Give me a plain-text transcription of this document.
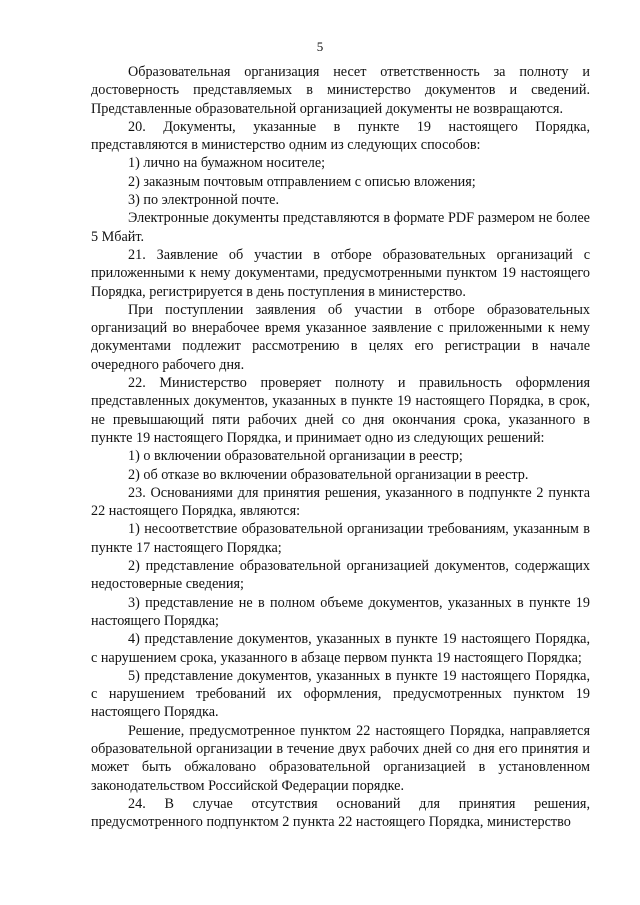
5

Образовательная организация несет ответственность за полноту и достоверность представляемых в министерство документов и сведений. Представленные образовательной организацией документы не возвращаются.

20. Документы, указанные в пункте 19 настоящего Порядка, представляются в министерство одним из следующих способов:

1) лично на бумажном носителе;

2) заказным почтовым отправлением с описью вложения;

3) по электронной почте.

Электронные документы представляются в формате PDF размером не более 5 Мбайт.

21. Заявление об участии в отборе образовательных организаций с приложенными к нему документами, предусмотренными пунктом 19 настоящего Порядка, регистрируется в день поступления в министерство.

При поступлении заявления об участии в отборе образовательных организаций во внерабочее время указанное заявление с приложенными к нему документами подлежит рассмотрению в целях его регистрации в начале очередного рабочего дня.

22. Министерство проверяет полноту и правильность оформления представленных документов, указанных в пункте 19 настоящего Порядка, в срок, не превышающий пяти рабочих дней со дня окончания срока, указанного в пункте 19 настоящего Порядка, и принимает одно из следующих решений:

1) о включении образовательной организации в реестр;

2) об отказе во включении образовательной организации в реестр.

23. Основаниями для принятия решения, указанного в подпункте 2 пункта 22 настоящего Порядка, являются:

1) несоответствие образовательной организации требованиям, указанным в пункте 17 настоящего Порядка;

2) представление образовательной организацией документов, содержащих недостоверные сведения;

3) представление не в полном объеме документов, указанных в пункте 19 настоящего Порядка;

4) представление документов, указанных в пункте 19 настоящего Порядка, с нарушением срока, указанного в абзаце первом пункта 19 настоящего Порядка;

5) представление документов, указанных в пункте 19 настоящего Порядка, с нарушением требований их оформления, предусмотренных пунктом 19 настоящего Порядка.

Решение, предусмотренное пунктом 22 настоящего Порядка, направляется образовательной организации в течение двух рабочих дней со дня его принятия и может быть обжаловано образовательной организацией в установленном законодательством Российской Федерации порядке.

24. В случае отсутствия оснований для принятия решения, предусмотренного подпунктом 2 пункта 22 настоящего Порядка, министерство
